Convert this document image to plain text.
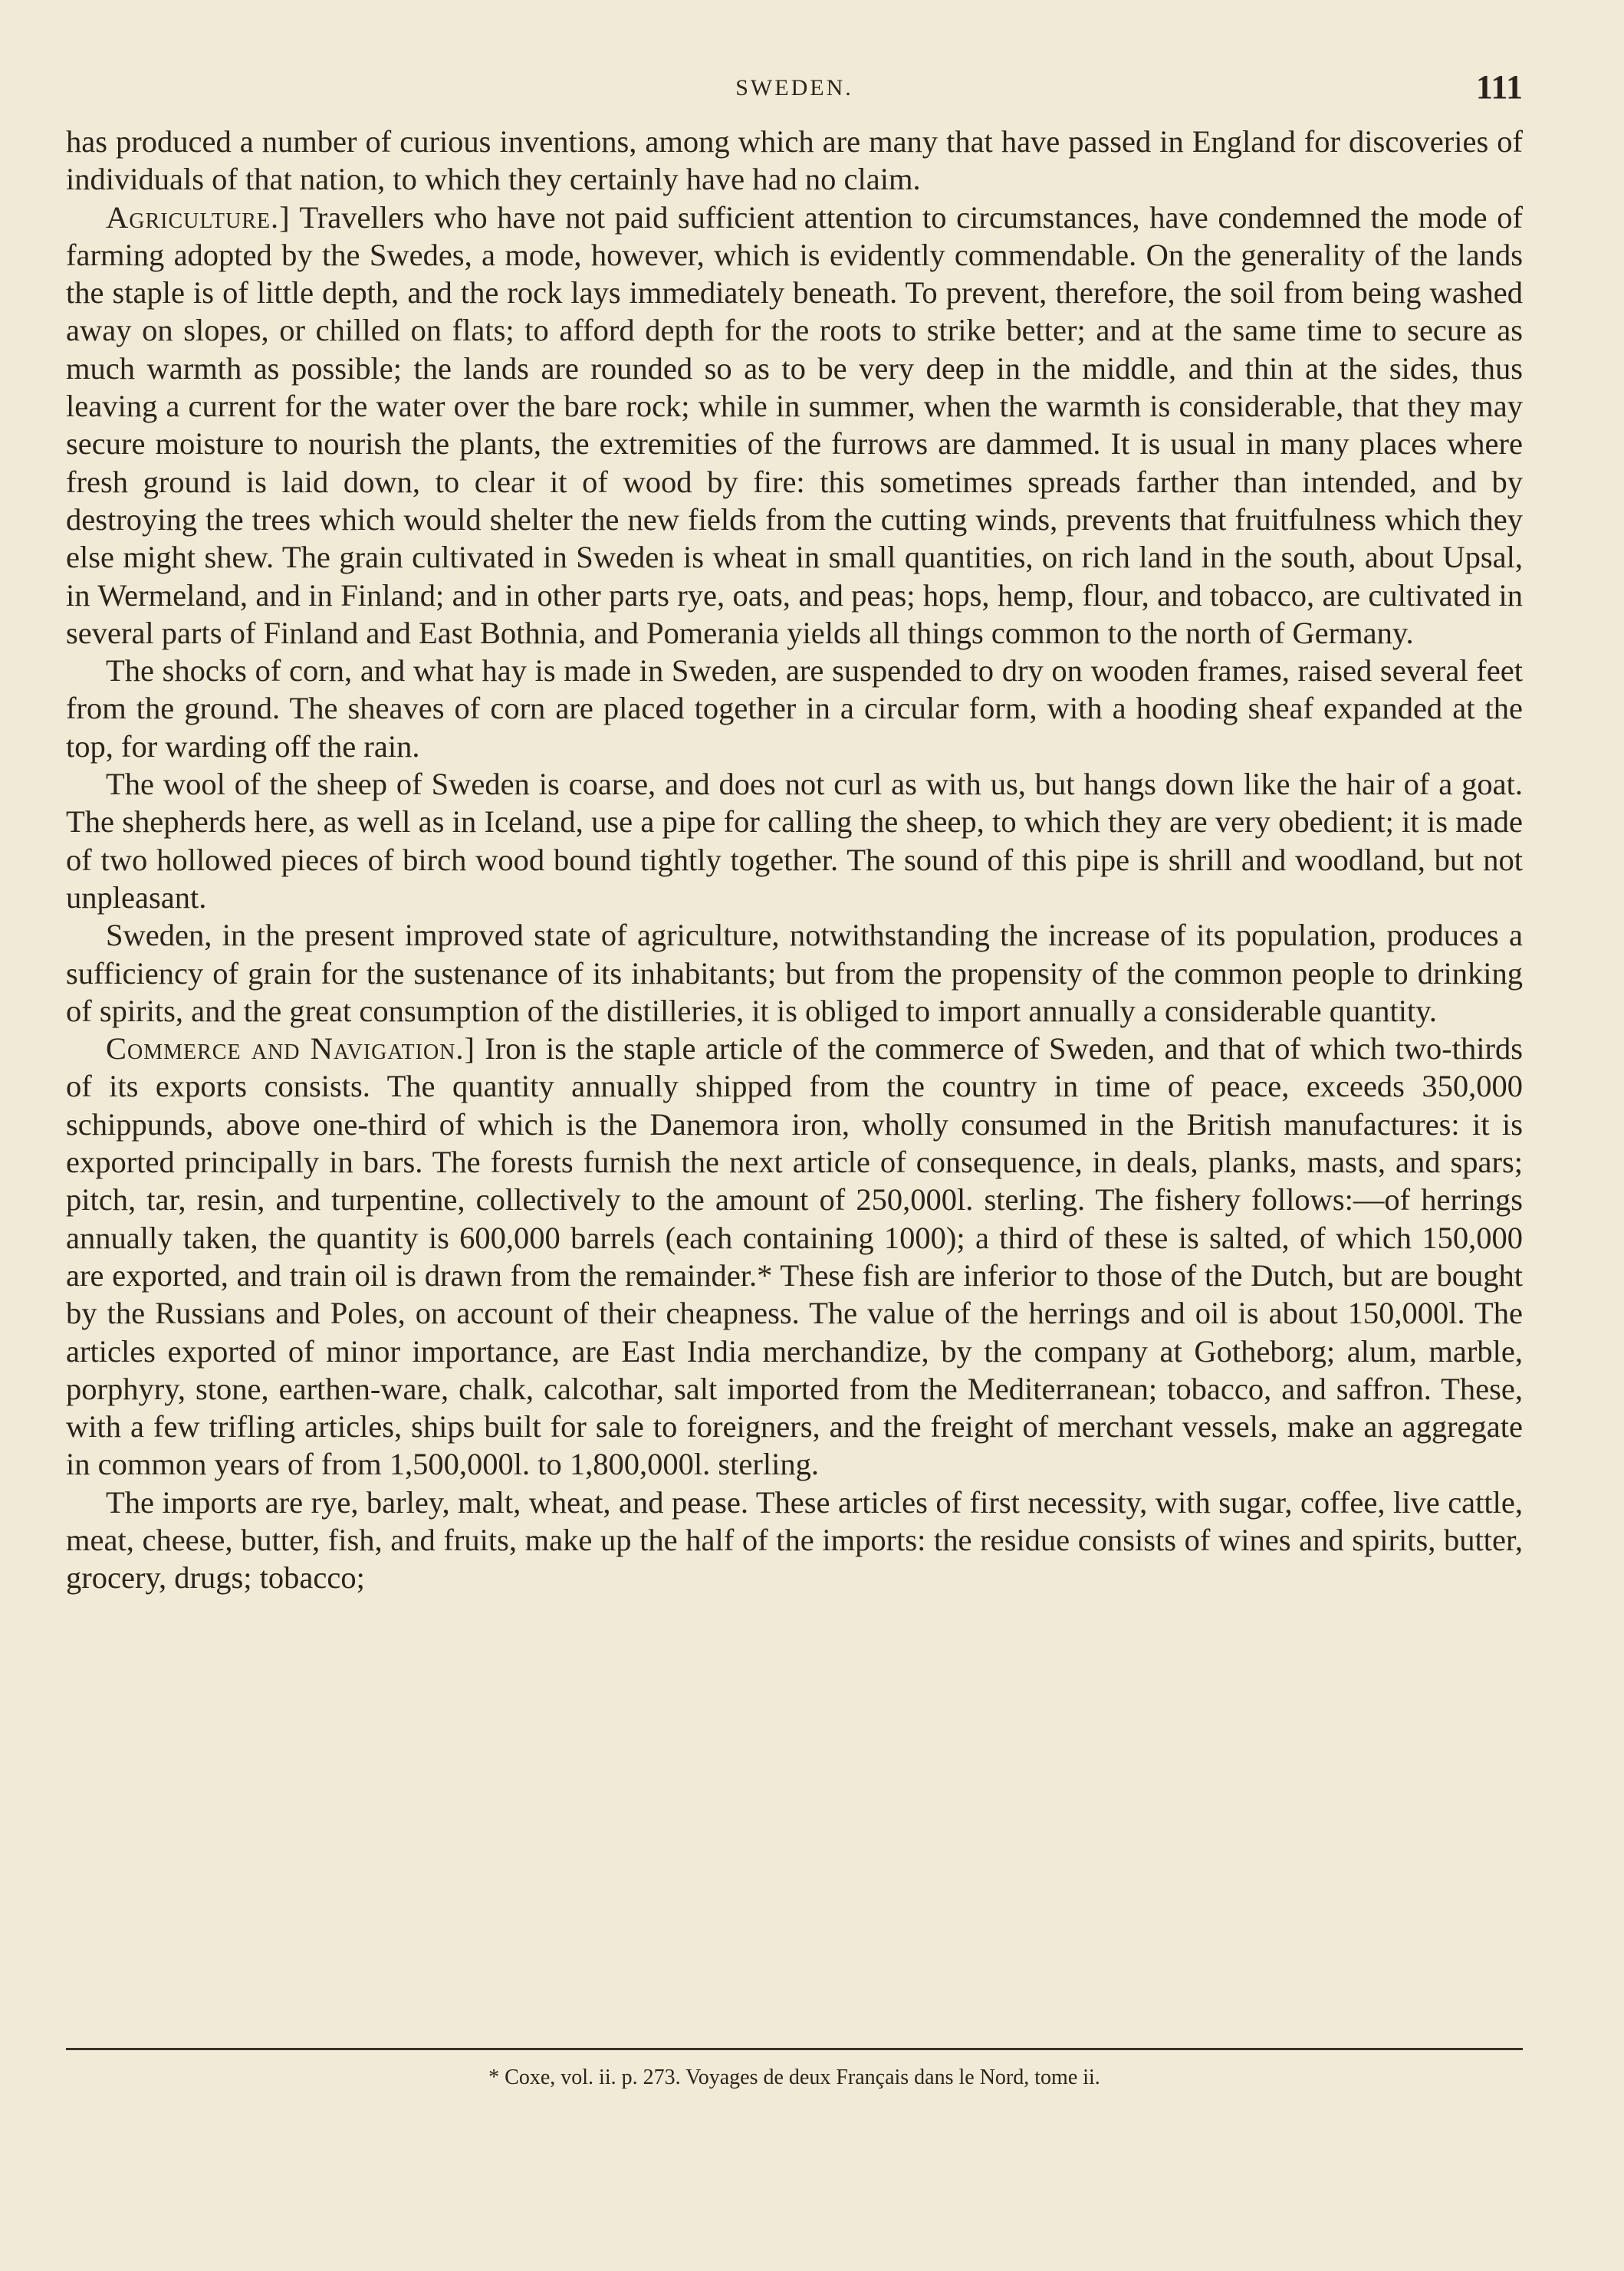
SWEDEN.	111

has produced a number of curious inventions, among which are many that have passed in England for discoveries of individuals of that nation, to which they certainly have had no claim.

Agriculture.] Travellers who have not paid sufficient attention to circumstances, have condemned the mode of farming adopted by the Swedes, a mode, however, which is evidently commendable. On the generality of the lands the staple is of little depth, and the rock lays immediately beneath. To prevent, therefore, the soil from being washed away on slopes, or chilled on flats; to afford depth for the roots to strike better; and at the same time to secure as much warmth as possible; the lands are rounded so as to be very deep in the middle, and thin at the sides, thus leaving a current for the water over the bare rock; while in summer, when the warmth is considerable, that they may secure moisture to nourish the plants, the extremities of the furrows are dammed. It is usual in many places where fresh ground is laid down, to clear it of wood by fire: this sometimes spreads farther than intended, and by destroying the trees which would shelter the new fields from the cutting winds, prevents that fruitfulness which they else might shew. The grain cultivated in Sweden is wheat in small quantities, on rich land in the south, about Upsal, in Wermeland, and in Finland; and in other parts rye, oats, and peas; hops, hemp, flour, and tobacco, are cultivated in several parts of Finland and East Bothnia, and Pomerania yields all things common to the north of Germany.

The shocks of corn, and what hay is made in Sweden, are suspended to dry on wooden frames, raised several feet from the ground. The sheaves of corn are placed together in a circular form, with a hooding sheaf expanded at the top, for warding off the rain.

The wool of the sheep of Sweden is coarse, and does not curl as with us, but hangs down like the hair of a goat. The shepherds here, as well as in Iceland, use a pipe for calling the sheep, to which they are very obedient; it is made of two hollowed pieces of birch wood bound tightly together. The sound of this pipe is shrill and woodland, but not unpleasant.

Sweden, in the present improved state of agriculture, notwithstanding the increase of its population, produces a sufficiency of grain for the sustenance of its inhabitants; but from the propensity of the common people to drinking of spirits, and the great consumption of the distilleries, it is obliged to import annually a considerable quantity.

Commerce and Navigation.] Iron is the staple article of the commerce of Sweden, and that of which two-thirds of its exports consists. The quantity annually shipped from the country in time of peace, exceeds 350,000 schippunds, above one-third of which is the Danemora iron, wholly consumed in the British manufactures: it is exported principally in bars. The forests furnish the next article of consequence, in deals, planks, masts, and spars; pitch, tar, resin, and turpentine, collectively to the amount of 250,000l. sterling. The fishery follows:—of herrings annually taken, the quantity is 600,000 barrels (each containing 1000); a third of these is salted, of which 150,000 are exported, and train oil is drawn from the remainder.* These fish are inferior to those of the Dutch, but are bought by the Russians and Poles, on account of their cheapness. The value of the herrings and oil is about 150,000l. The articles exported of minor importance, are East India merchandize, by the company at Gotheborg; alum, marble, porphyry, stone, earthen-ware, chalk, calcothar, salt imported from the Mediterranean; tobacco, and saffron. These, with a few trifling articles, ships built for sale to foreigners, and the freight of merchant vessels, make an aggregate in common years of from 1,500,000l. to 1,800,000l. sterling.

The imports are rye, barley, malt, wheat, and pease. These articles of first necessity, with sugar, coffee, live cattle, meat, cheese, butter, fish, and fruits, make up the half of the imports: the residue consists of wines and spirits, butter, grocery, drugs; tobacco;

* Coxe, vol. ii. p. 273. Voyages de deux Français dans le Nord, tome ii.
